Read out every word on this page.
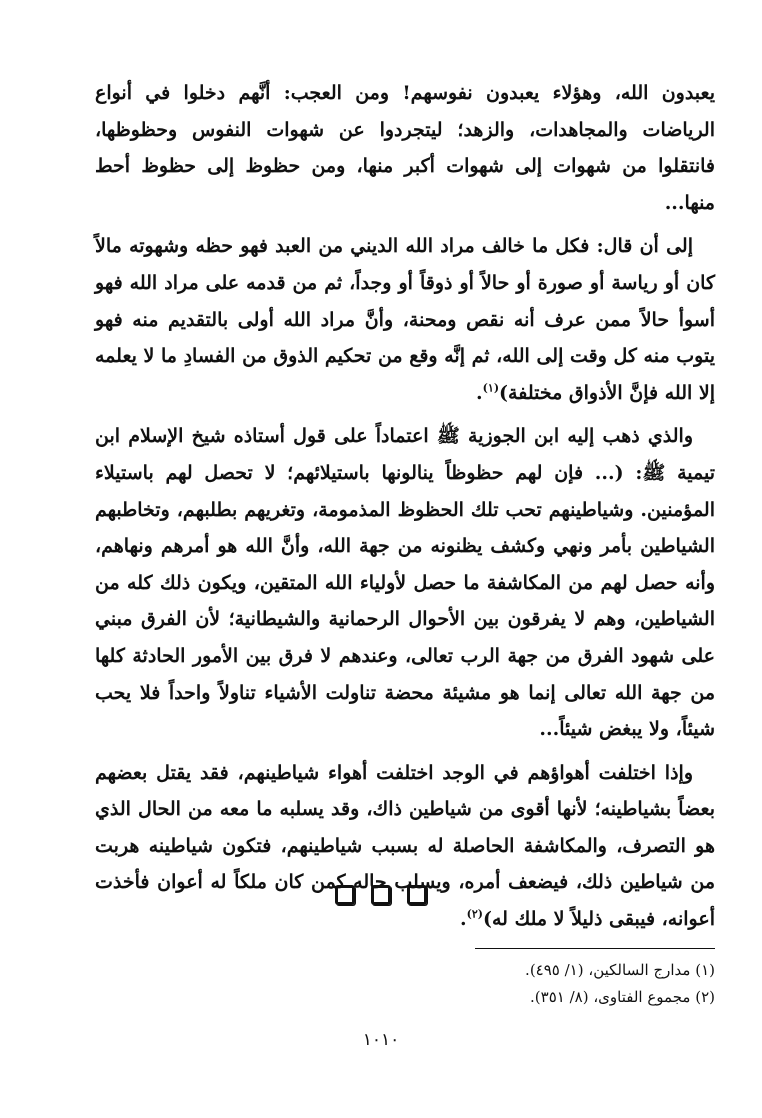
يعبدون الله، وهؤلاء يعبدون نفوسهم! ومن العجب: أنَّهم دخلوا في أنواع الرياضات والمجاهدات، والزهد؛ ليتجردوا عن شهوات النفوس وحظوظها، فانتقلوا من شهوات إلى شهوات أكبر منها، ومن حظوظ إلى حظوظ أحط منها...

إلى أن قال: فكل ما خالف مراد الله الديني من العبد فهو حظه وشهوته مالاً كان أو رياسة أو صورة أو حالاً أو ذوقاً أو وجداً، ثم من قدمه على مراد الله فهو أسوأ حالاً ممن عرف أنه نقص ومحنة، وأنَّ مراد الله أولى بالتقديم منه فهو يتوب منه كل وقت إلى الله، ثم إنَّه وقع من تحكيم الذوق من الفسادِ ما لا يعلمه إلا الله فإنَّ الأذواق مختلفة)$^{(١)}$.

والذي ذهب إليه ابن الجوزية ﷺ اعتماداً على قول أستاذه شيخ الإسلام ابن تيمية ﷺ: (... فإن لهم حظوظاً ينالونها باستيلائهم؛ لا تحصل لهم باستيلاء المؤمنين. وشياطينهم تحب تلك الحظوظ المذمومة، وتغريهم بطلبهم، وتخاطبهم الشياطين بأمر ونهي وكشف يظنونه من جهة الله، وأنَّ الله هو أمرهم ونهاهم، وأنه حصل لهم من المكاشفة ما حصل لأولياء الله المتقين، ويكون ذلك كله من الشياطين، وهم لا يفرقون بين الأحوال الرحمانية والشيطانية؛ لأن الفرق مبني على شهود الفرق من جهة الرب تعالى، وعندهم لا فرق بين الأمور الحادثة كلها من جهة الله تعالى إنما هو مشيئة محضة تناولت الأشياء تناولاً واحداً فلا يحب شيئاً، ولا يبغض شيئاً...

وإذا اختلفت أهواؤهم في الوجد اختلفت أهواء شياطينهم، فقد يقتل بعضهم بعضاً بشياطينه؛ لأنها أقوى من شياطين ذاك، وقد يسلبه ما معه من الحال الذي هو التصرف، والمكاشفة الحاصلة له بسبب شياطينهم، فتكون شياطينه هربت من شياطين ذلك، فيضعف أمره، ويسلب حاله كمن كان ملكاً له أعوان فأخذت أعوانه، فيبقى ذليلاً لا ملك له)$^{(٢)}$.

(١) مدارج السالكين، (١/ ٤٩٥).

(٢) مجموع الفتاوى، (٨/ ٣٥١).

١٠١٠
